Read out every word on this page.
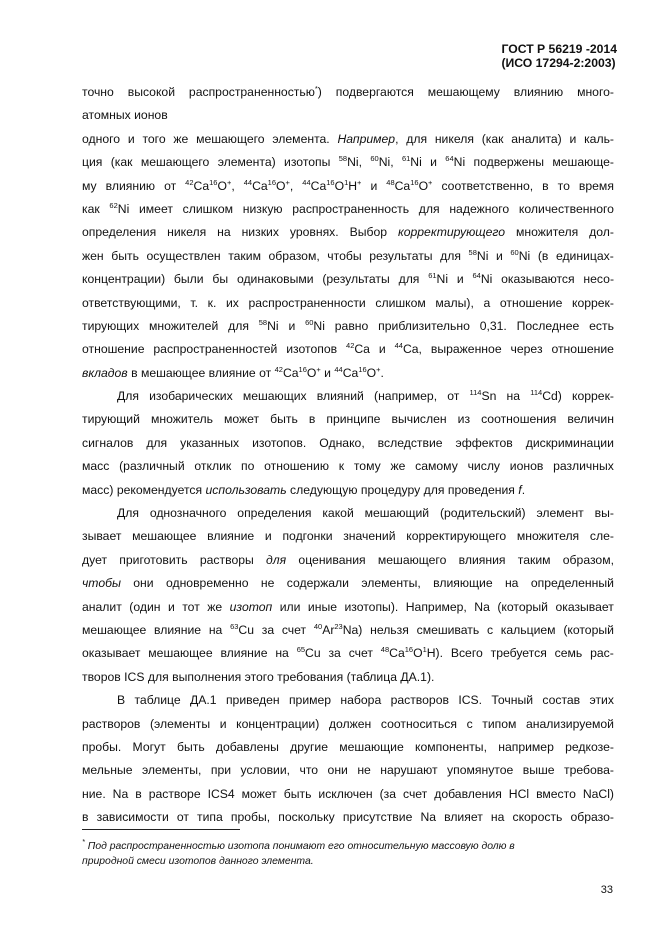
ГОСТ Р 56219 -2014
(ИСО 17294-2:2003)
точно высокой распространенностью*) подвергаются мешающему влиянию много-
атомных ионов
одного и того же мешающего элемента. Например, для никеля (как аналита) и каль-
ция (как мешающего элемента) изотопы $^{58}$Ni, $^{60}$Ni, $^{61}$Ni и $^{64}$Ni подвержены мешающе-
му влиянию от $^{42}$Ca$^{16}$O+, $^{44}$Ca$^{16}$O+, $^{44}Ca^{16}O^1H^+$ и $^{48}$Ca$^{16}$O+ соответственно, в то время
как $^{62}$Ni имеет слишком низкую распространенность для надежного количественного
определения никеля на низких уровнях. Выбор корректирующего множителя дол-
жен быть осуществлен таким образом, чтобы результаты для $^{58}$Ni и $^{60}$Ni (в единицах-
концентрации) были бы одинаковыми (результаты для $^{61}$Ni и $^{64}$Ni оказываются несо-
ответствующими, т. к. их распространенности слишком малы), а отношение коррек-
тирующих множителей для $^{58}$Ni и $^{60}$Ni равно приблизительно 0,31. Последнее есть
отношение распространенностей изотопов $^{42}$Ca и $^{44}$Ca, выраженное через отношение
вкладов в мешающее влияние от $^{42}$Ca$^{16}$O+ и $^{44}$Ca$^{16}$O+.
Для изобарических мешающих влияний (например, от $^{114}$Sn на $^{114}$Cd) коррек-
тирующий множитель может быть в принципе вычислен из соотношения величин
сигналов для указанных изотопов. Однако, вследствие эффектов дискриминации
масс (различный отклик по отношению к тому же самому числу ионов различных
масс) рекомендуется использовать следующую процедуру для проведения f.
Для однозначного определения какой мешающий (родительский) элемент вы-
зывает мешающее влияние и подгонки значений корректирующего множителя сле-
дует приготовить растворы для оценивания мешающего влияния таким образом,
чтобы они одновременно не содержали элементы, влияющие на определенный
аналит (один и тот же изотоп или иные изотопы). Например, Na (который оказывает
мешающее влияние на $^{63}$Cu за счет $^{40}$Ar$^{23}$Na) нельзя смешивать с кальцием (который
оказывает мешающее влияние на $^{65}$Cu за счет $^{48}Ca^{16}O^1H$). Всего требуется семь рас-
творов ICS для выполнения этого требования (таблица ДА.1).
В таблице ДА.1 приведен пример набора растворов ICS. Точный состав этих
растворов (элементы и концентрации) должен соотноситься с типом анализируемой
пробы. Могут быть добавлены другие мешающие компоненты, например редкозе-
мельные элементы, при условии, что они не нарушают упомянутое выше требова-
ние. Na в растворе ICS4 может быть исключен (за счет добавления HCl вместо NaCl)
в зависимости от типа пробы, поскольку присутствие Na влияет на скорость образо-
* Под распространенностью изотопа понимают его относительную массовую долю в
природной смеси изотопов данного элемента.
33
